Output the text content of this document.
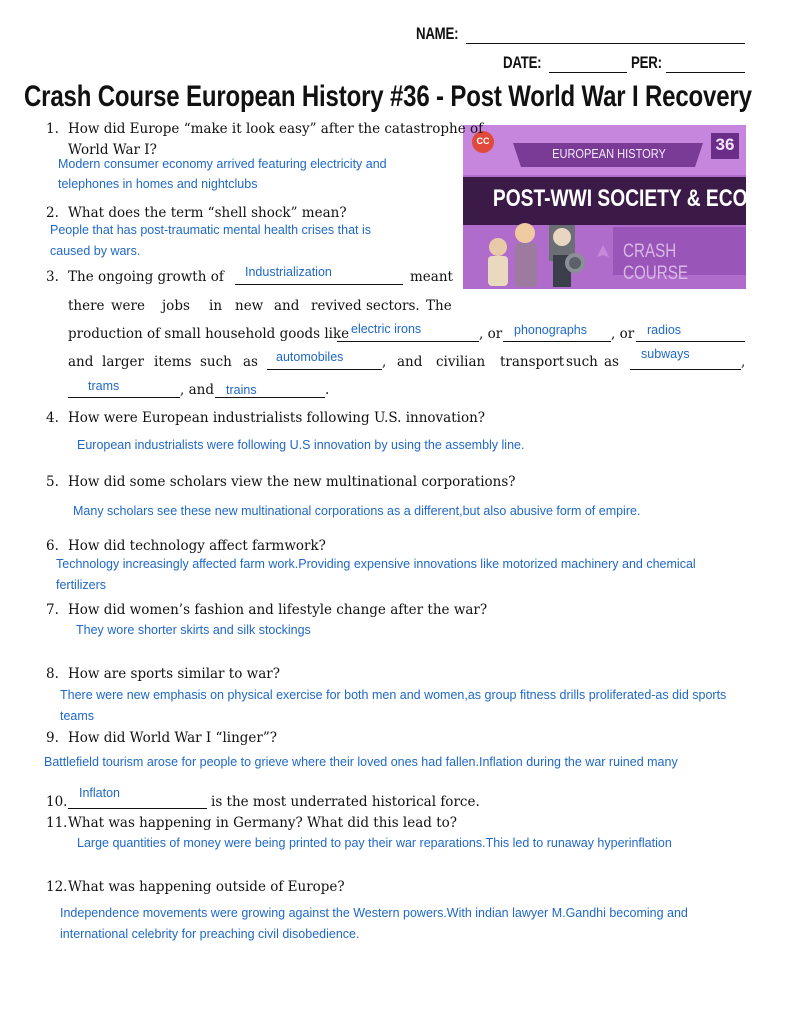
NAME:
DATE:	PER:
Crash Course European History #36 - Post World War I Recovery
CC	36
EUROPEAN HISTORY
POST-WWI SOCIETY & ECONOMY
CRASH COURSE
1. How did Europe “make it look easy” after the catastrophe of
World War I?
Modern consumer economy arrived featuring electricity and
telephones in homes and nightclubs
2. What does the term “shell shock” mean?
People that has post-traumatic mental health crises that is
caused by wars.
3. The ongoing growth of Industrialization	meant
there were jobs in new and revived sectors. The
production of small household goods like electric irons	, or phonographs , or radios
and larger items such as automobiles	, and civilian transport such as subways	,
trams	, and trains	.
4. How were European industrialists following U.S. innovation?
European industrialists were following U.S innovation by using the assembly line.
5. How did some scholars view the new multinational corporations?
Many scholars see these new multinational corporations as a different,but also abusive form of empire.
6. How did technology affect farmwork?
Technology increasingly affected farm work.Providing expensive innovations like motorized machinery and chemical
fertilizers
7. How did women’s fashion and lifestyle change after the war?
They wore shorter skirts and silk stockings
8. How are sports similar to war?
There were new emphasis on physical exercise for both men and women,as group fitness drills proliferated-as did sports
teams
9. How did World War I “linger”?
Battlefield tourism arose for people to grieve where their loved ones had fallen.Inflation during the war ruined many
Inflaton
10.	is the most underrated historical force.
11. What was happening in Germany? What did this lead to?
Large quantities of money were being printed to pay their war reparations.This led to runaway hyperinflation
12. What was happening outside of Europe?
Independence movements were growing against the Western powers.With indian lawyer M.Gandhi becoming and
international celebrity for preaching civil disobedience.
